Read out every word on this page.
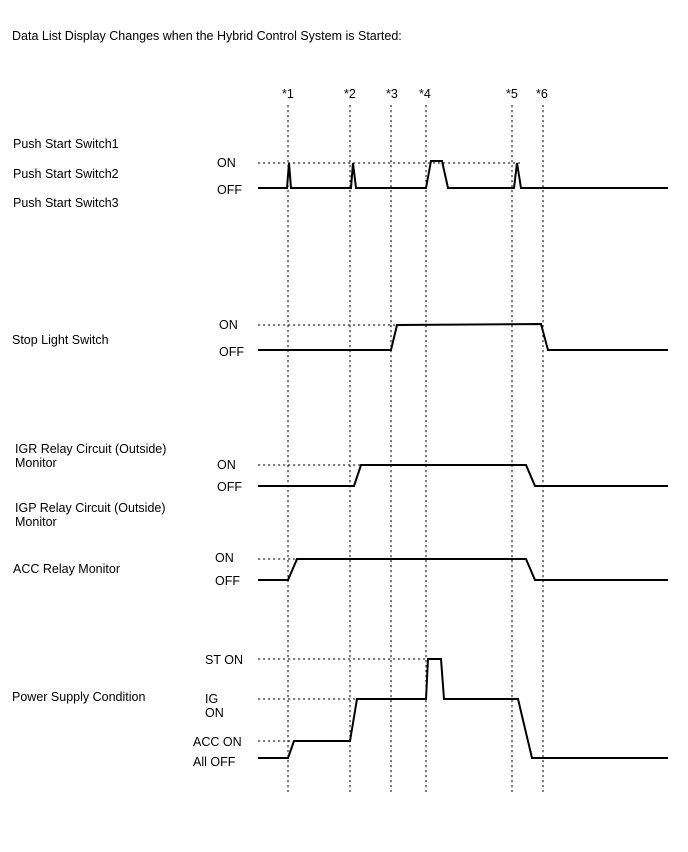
Data List Display Changes when the Hybrid Control System is Started:
*1	*2 *3 *4	*5 *6
Push Start Switch1
Push Start Switch2
Push Start Switch3
ON
OFF
Stop Light Switch
ON
OFF
IGR Relay Circuit (Outside)
Monitor
IGP Relay Circuit (Outside)
Monitor
ON
OFF
ACC Relay Monitor
ON
OFF
Power Supply Condition
ST ON
IG
ON
ACC ON
All OFF
